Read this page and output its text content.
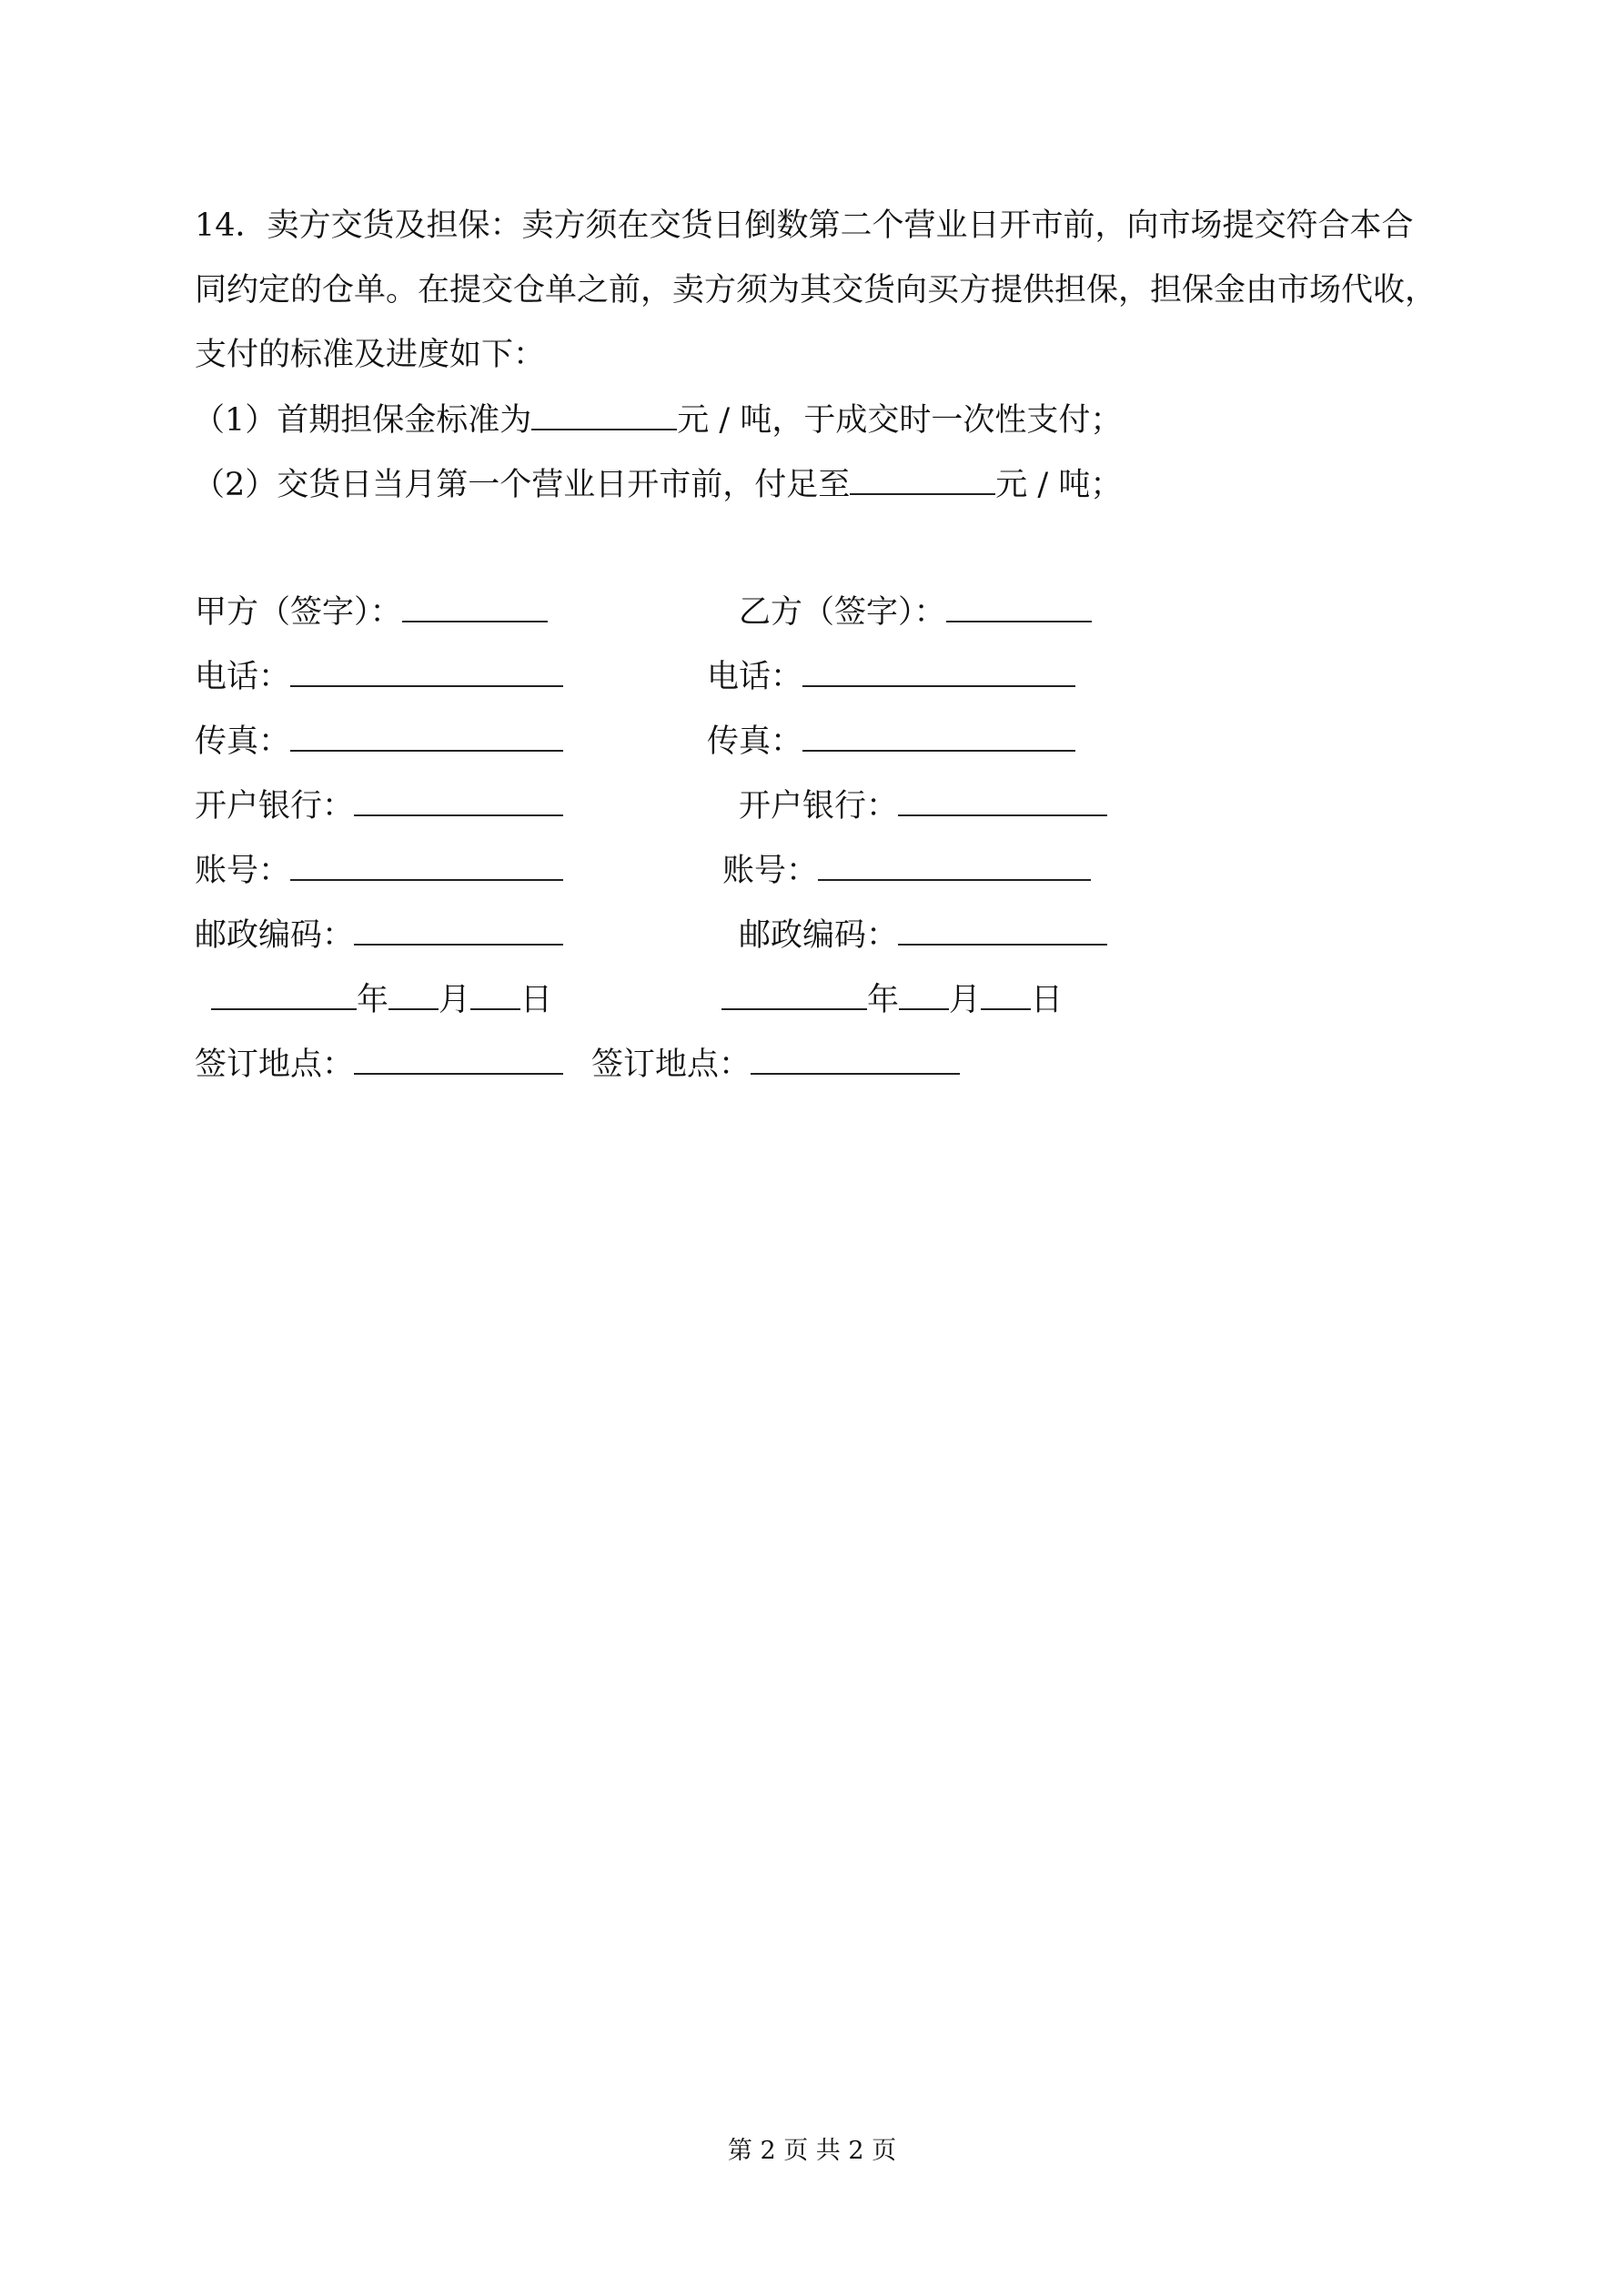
14．卖方交货及担保：卖方须在交货日倒数第二个营业日开市前，向市场提交符合本合
同约定的仓单。在提交仓单之前，卖方须为其交货向买方提供担保，担保金由市场代收，
支付的标准及进度如下：
（1）首期担保金标准为	元 / 吨，于成交时一次性支付；
（2）交货日当月第一个营业日开市前，付足至	元 / 吨；
甲方（签字）：
电话：
传真：
开户银行：
账号：
邮政编码：
年 月 日
签订地点：
乙方（签字）：
电话：
传真：
开户银行：
账号：
邮政编码：
年 月 日
签订地点：
第 2 页 共 2 页
